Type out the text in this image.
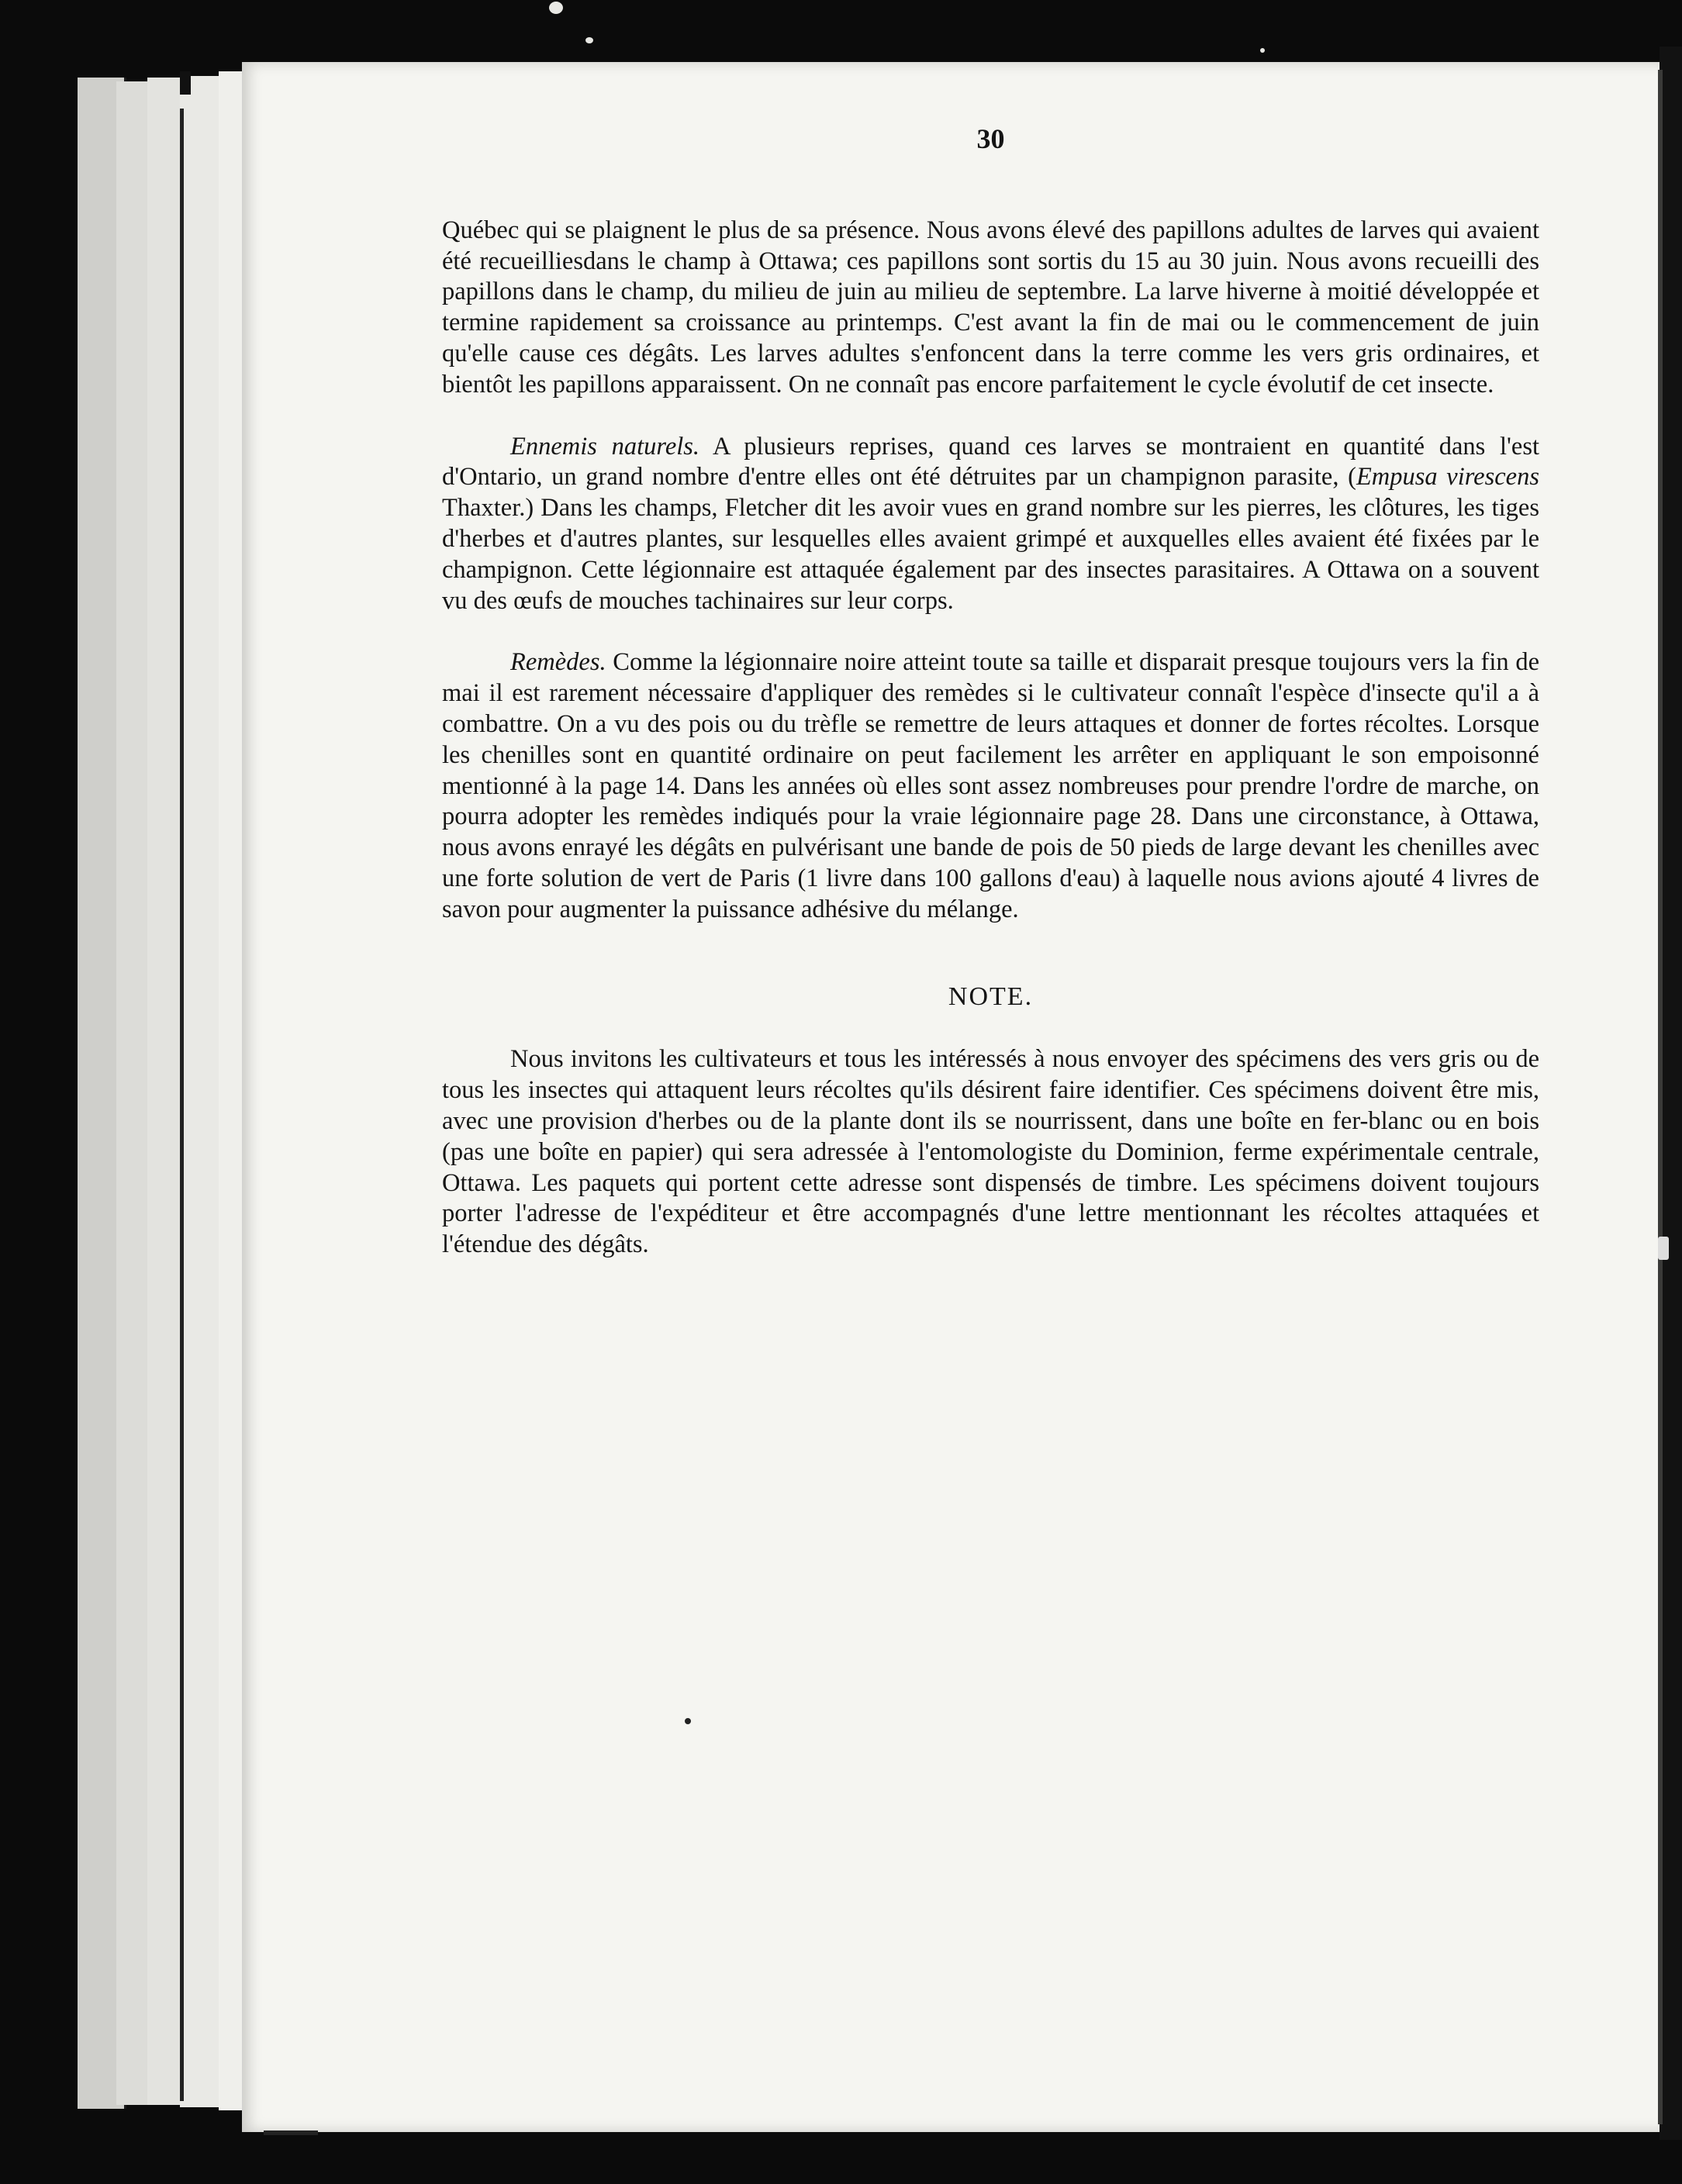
30

Québec qui se plaignent le plus de sa présence. Nous avons élevé des papillons adultes de larves qui avaient été recueilliesdans le champ à Ottawa; ces papillons sont sortis du 15 au 30 juin. Nous avons recueilli des papillons dans le champ, du milieu de juin au milieu de septembre. La larve hiverne à moitié développée et termine rapidement sa croissance au printemps. C'est avant la fin de mai ou le commencement de juin qu'elle cause ces dégâts. Les larves adultes s'enfoncent dans la terre comme les vers gris ordinaires, et bientôt les papillons apparaissent. On ne connaît pas encore parfaitement le cycle évolutif de cet insecte.

Ennemis naturels. A plusieurs reprises, quand ces larves se montraient en quantité dans l'est d'Ontario, un grand nombre d'entre elles ont été détruites par un champignon parasite, (Empusa virescens Thaxter.) Dans les champs, Fletcher dit les avoir vues en grand nombre sur les pierres, les clôtures, les tiges d'herbes et d'autres plantes, sur lesquelles elles avaient grimpé et auxquelles elles avaient été fixées par le champignon. Cette légionnaire est attaquée également par des insectes parasitaires. A Ottawa on a souvent vu des œufs de mouches tachinaires sur leur corps.

Remèdes. Comme la légionnaire noire atteint toute sa taille et disparait presque toujours vers la fin de mai il est rarement nécessaire d'appliquer des remèdes si le cultivateur connaît l'espèce d'insecte qu'il a à combattre. On a vu des pois ou du trèfle se remettre de leurs attaques et donner de fortes récoltes. Lorsque les chenilles sont en quantité ordinaire on peut facilement les arrêter en appliquant le son empoisonné mentionné à la page 14. Dans les années où elles sont assez nombreuses pour prendre l'ordre de marche, on pourra adopter les remèdes indiqués pour la vraie légionnaire page 28. Dans une circonstance, à Ottawa, nous avons enrayé les dégâts en pulvérisant une bande de pois de 50 pieds de large devant les chenilles avec une forte solution de vert de Paris (1 livre dans 100 gallons d'eau) à laquelle nous avions ajouté 4 livres de savon pour augmenter la puissance adhésive du mélange.

NOTE.

Nous invitons les cultivateurs et tous les intéressés à nous envoyer des spécimens des vers gris ou de tous les insectes qui attaquent leurs récoltes qu'ils désirent faire identifier. Ces spécimens doivent être mis, avec une provision d'herbes ou de la plante dont ils se nourrissent, dans une boîte en fer-blanc ou en bois (pas une boîte en papier) qui sera adressée à l'entomologiste du Dominion, ferme expérimentale centrale, Ottawa. Les paquets qui portent cette adresse sont dispensés de timbre. Les spécimens doivent toujours porter l'adresse de l'expéditeur et être accompagnés d'une lettre mentionnant les récoltes attaquées et l'étendue des dégâts.
